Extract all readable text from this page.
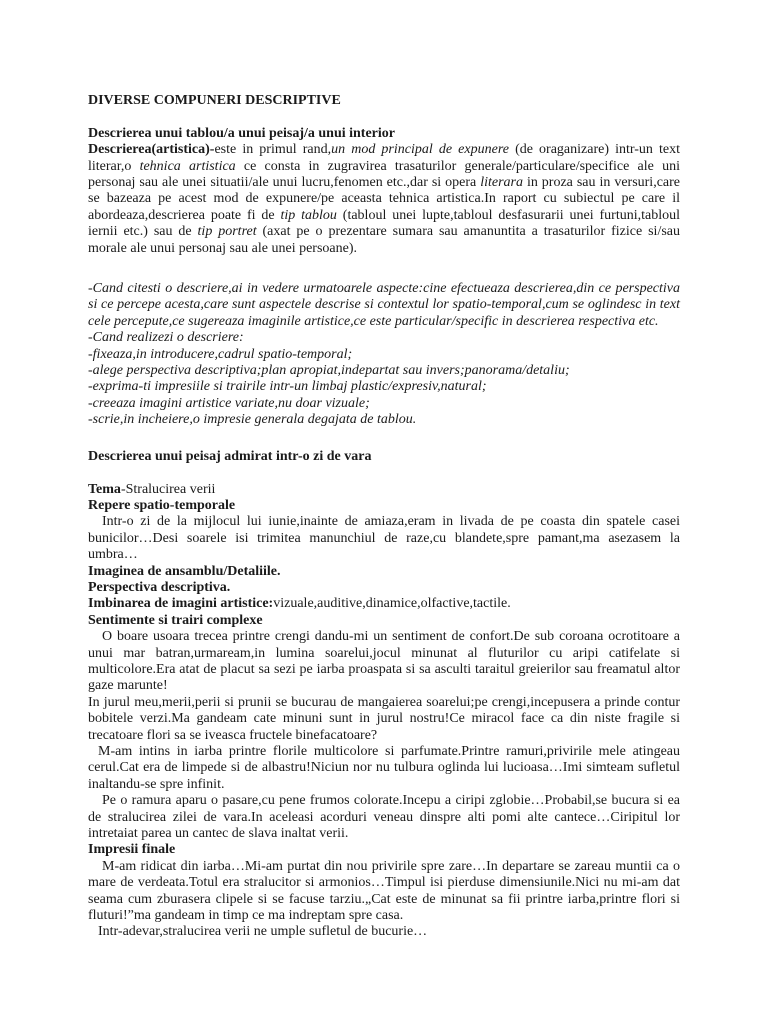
DIVERSE COMPUNERI DESCRIPTIVE

Descrierea unui tablou/a unui peisaj/a unui interior

Descrierea(artistica)-este in primul rand,un mod principal de expunere (de oraganizare) intr-un text literar,o tehnica artistica ce consta in zugravirea trasaturilor generale/particulare/specifice ale uni personaj sau ale unei situatii/ale unui lucru,fenomen etc.,dar si opera literara in proza sau in versuri,care se bazeaza pe acest mod de expunere/pe aceasta tehnica artistica.In raport cu subiectul pe care il abordeaza,descrierea poate fi de tip tablou (tabloul unei lupte,tabloul desfasurarii unei furtuni,tabloul iernii etc.) sau de tip portret (axat pe o prezentare sumara sau amanuntita a trasaturilor fizice si/sau morale ale unui personaj sau ale unei persoane).

-Cand citesti o descriere,ai in vedere urmatoarele aspecte:cine efectueaza descrierea,din ce perspectiva si ce percepe acesta,care sunt aspectele descrise si contextul lor spatio-temporal,cum se oglindesc in text cele percepute,ce sugereaza imaginile artistice,ce este particular/specific in descrierea respectiva etc.

-Cand realizezi o descriere:

-fixeaza,in introducere,cadrul spatio-temporal;

-alege perspectiva descriptiva;plan apropiat,indepartat sau invers;panorama/detaliu;

-exprima-ti impresiile si trairile intr-un limbaj plastic/expresiv,natural;

-creeaza imagini artistice variate,nu doar vizuale;

-scrie,in incheiere,o impresie generala degajata de tablou.

Descrierea unui peisaj admirat intr-o zi de vara

Tema-Stralucirea verii

Repere spatio-temporale

Intr-o zi de la mijlocul lui iunie,inainte de amiaza,eram in livada de pe coasta din spatele casei bunicilor…Desi soarele isi trimitea manunchiul de raze,cu blandete,spre pamant,ma asezasem la umbra…

Imaginea de ansamblu/Detaliile.

Perspectiva descriptiva.

Imbinarea de imagini artistice:vizuale,auditive,dinamice,olfactive,tactile.

Sentimente si trairi complexe

O boare usoara trecea printre crengi dandu-mi un sentiment de confort.De sub coroana ocrotitoare a unui mar batran,urmaream,in lumina soarelui,jocul minunat al fluturilor cu aripi catifelate si multicolore.Era atat de placut sa sezi pe iarba proaspata si sa asculti taraitul greierilor sau freamatul altor gaze marunte!

In jurul meu,merii,perii si prunii se bucurau de mangaierea soarelui;pe crengi,incepusera a prinde contur bobitele verzi.Ma gandeam cate minuni sunt in jurul nostru!Ce miracol face ca din niste fragile si trecatoare flori sa se iveasca fructele binefacatoare?

M-am intins in iarba printre florile multicolore si parfumate.Printre ramuri,privirile mele atingeau cerul.Cat era de limpede si de albastru!Niciun nor nu tulbura oglinda lui lucioasa…Imi simteam sufletul inaltandu-se spre infinit.

Pe o ramura aparu o pasare,cu pene frumos colorate.Incepu a ciripi zglobie…Probabil,se bucura si ea de stralucirea zilei de vara.In aceleasi acorduri veneau dinspre alti pomi alte cantece…Ciripitul lor intretaiat parea un cantec de slava inaltat verii.

Impresii finale

M-am ridicat din iarba…Mi-am purtat din nou privirile spre zare…In departare se zareau muntii ca o mare de verdeata.Totul era stralucitor si armonios…Timpul isi pierduse dimensiunile.Nici nu mi-am dat seama cum zburasera clipele si se facuse tarziu.„Cat este de minunat sa fii printre iarba,printre flori si fluturi!”ma gandeam in timp ce ma indreptam spre casa.

Intr-adevar,stralucirea verii ne umple sufletul de bucurie…
